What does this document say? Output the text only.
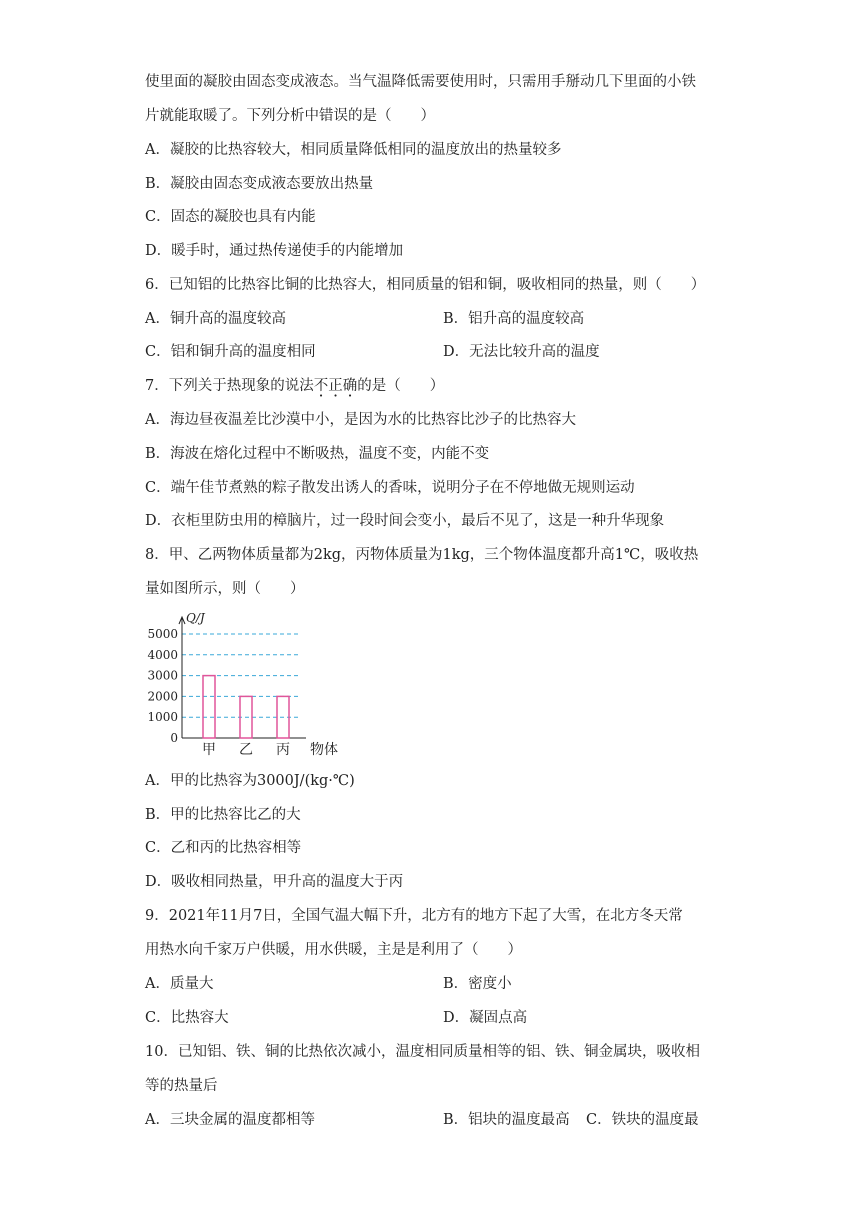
使里面的凝胶由固态变成液态。当气温降低需要使用时，只需用手掰动几下里面的小铁
片就能取暖了。下列分析中错误的是（　　）
A．凝胶的比热容较大，相同质量降低相同的温度放出的热量较多
B．凝胶由固态变成液态要放出热量
C．固态的凝胶也具有内能
D．暖手时，通过热传递使手的内能增加
6．已知铝的比热容比铜的比热容大，相同质量的铝和铜，吸收相同的热量，则（　　）
A．铜升高的温度较高	B．铝升高的温度较高
C．铝和铜升高的温度相同	D．无法比较升高的温度
7．下列关于热现象的说法不正确的是（　　）
A．海边昼夜温差比沙漠中小，是因为水的比热容比沙子的比热容大
B．海波在熔化过程中不断吸热，温度不变，内能不变
C．端午佳节煮熟的粽子散发出诱人的香味，说明分子在不停地做无规则运动
D．衣柜里防虫用的樟脑片，过一段时间会变小，最后不见了，这是一种升华现象
8．甲、乙两物体质量都为2kg，丙物体质量为1kg，三个物体温度都升高1℃，吸收热
量如图所示，则（　　）
0
1000
2000
3000
4000
5000
Q/J
甲 乙 丙 物体
A．甲的比热容为3000J/(kg·℃)
B．甲的比热容比乙的大
C．乙和丙的比热容相等
D．吸收相同热量，甲升高的温度大于丙
9．2021年11月7日，全国气温大幅下升，北方有的地方下起了大雪，在北方冬天常
用热水向千家万户供暖，用水供暖，主是是利用了（　　）
A．质量大	B．密度小
C．比热容大	D．凝固点高
10．已知铝、铁、铜的比热依次减小，温度相同质量相等的铝、铁、铜金属块，吸收相
等的热量后
A．三块金属的温度都相等	B．铝块的温度最高 C．铁块的温度最
